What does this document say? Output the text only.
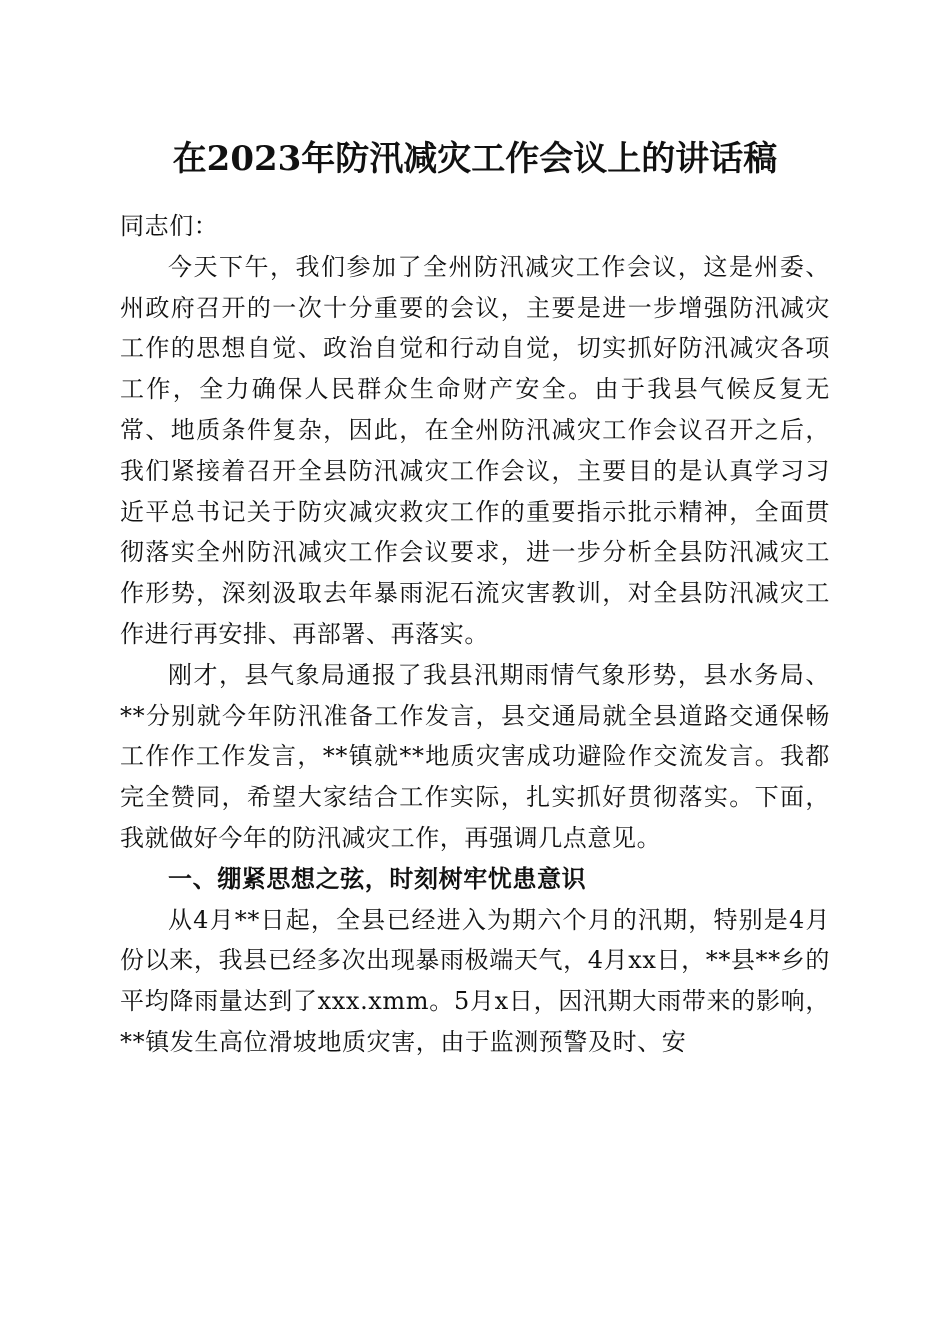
在2023年防汛减灾工作会议上的讲话稿

同志们：

今天下午，我们参加了全州防汛减灾工作会议，这是州委、州政府召开的一次十分重要的会议，主要是进一步增强防汛减灾工作的思想自觉、政治自觉和行动自觉，切实抓好防汛减灾各项工作，全力确保人民群众生命财产安全。由于我县气候反复无常、地质条件复杂，因此，在全州防汛减灾工作会议召开之后，我们紧接着召开全县防汛减灾工作会议，主要目的是认真学习习近平总书记关于防灾减灾救灾工作的重要指示批示精神，全面贯彻落实全州防汛减灾工作会议要求，进一步分析全县防汛减灾工作形势，深刻汲取去年暴雨泥石流灾害教训，对全县防汛减灾工作进行再安排、再部署、再落实。

刚才，县气象局通报了我县汛期雨情气象形势，县水务局、**分别就今年防汛准备工作发言，县交通局就全县道路交通保畅工作作工作发言，**镇就**地质灾害成功避险作交流发言。我都完全赞同，希望大家结合工作实际，扎实抓好贯彻落实。下面，我就做好今年的防汛减灾工作，再强调几点意见。

一、绷紧思想之弦，时刻树牢忧患意识

从4月**日起，全县已经进入为期六个月的汛期，特别是4月份以来，我县已经多次出现暴雨极端天气，4月xx日，**县**乡的平均降雨量达到了xxx.xmm。5月x日，因汛期大雨带来的影响，**镇发生高位滑坡地质灾害，由于监测预警及时、安
